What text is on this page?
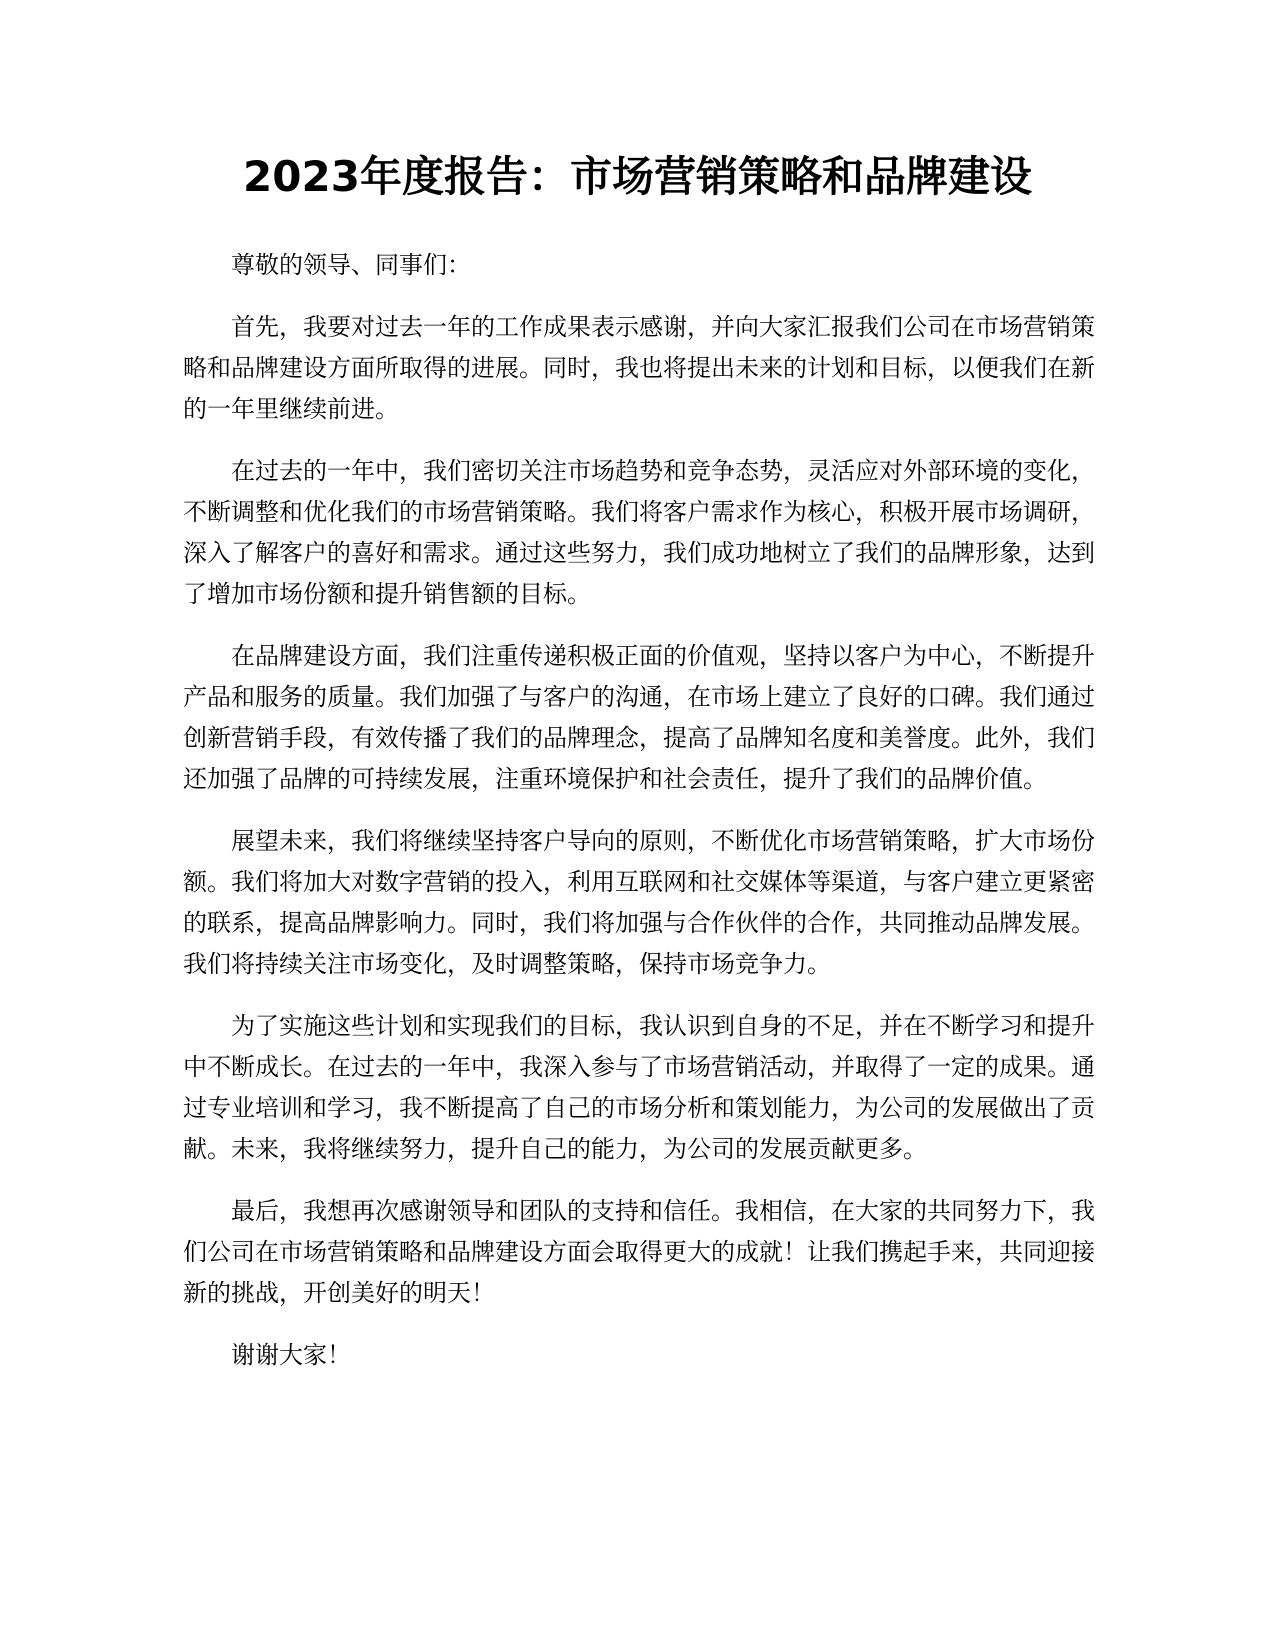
2023年度报告：市场营销策略和品牌建设

尊敬的领导、同事们：

首先，我要对过去一年的工作成果表示感谢，并向大家汇报我们公司在市场营销策略和品牌建设方面所取得的进展。同时，我也将提出未来的计划和目标，以便我们在新的一年里继续前进。

在过去的一年中，我们密切关注市场趋势和竞争态势，灵活应对外部环境的变化，不断调整和优化我们的市场营销策略。我们将客户需求作为核心，积极开展市场调研，深入了解客户的喜好和需求。通过这些努力，我们成功地树立了我们的品牌形象，达到了增加市场份额和提升销售额的目标。

在品牌建设方面，我们注重传递积极正面的价值观，坚持以客户为中心，不断提升产品和服务的质量。我们加强了与客户的沟通，在市场上建立了良好的口碑。我们通过创新营销手段，有效传播了我们的品牌理念，提高了品牌知名度和美誉度。此外，我们还加强了品牌的可持续发展，注重环境保护和社会责任，提升了我们的品牌价值。

展望未来，我们将继续坚持客户导向的原则，不断优化市场营销策略，扩大市场份额。我们将加大对数字营销的投入，利用互联网和社交媒体等渠道，与客户建立更紧密的联系，提高品牌影响力。同时，我们将加强与合作伙伴的合作，共同推动品牌发展。我们将持续关注市场变化，及时调整策略，保持市场竞争力。

为了实施这些计划和实现我们的目标，我认识到自身的不足，并在不断学习和提升中不断成长。在过去的一年中，我深入参与了市场营销活动，并取得了一定的成果。通过专业培训和学习，我不断提高了自己的市场分析和策划能力，为公司的发展做出了贡献。未来，我将继续努力，提升自己的能力，为公司的发展贡献更多。

最后，我想再次感谢领导和团队的支持和信任。我相信，在大家的共同努力下，我们公司在市场营销策略和品牌建设方面会取得更大的成就！让我们携起手来，共同迎接新的挑战，开创美好的明天！

谢谢大家！
